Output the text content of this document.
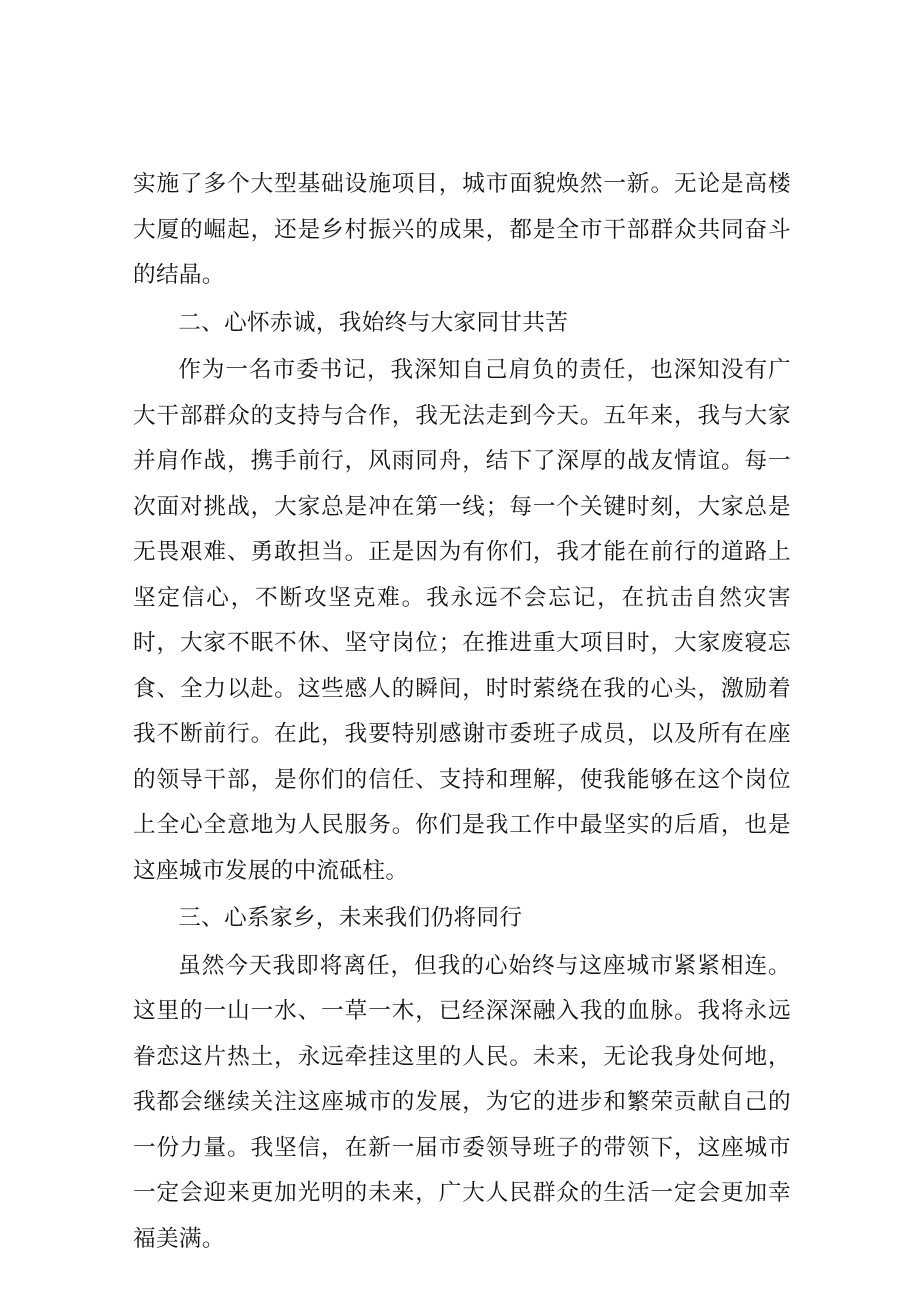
实施了多个大型基础设施项目，城市面貌焕然一新。无论是高楼大厦的崛起，还是乡村振兴的成果，都是全市干部群众共同奋斗的结晶。

二、心怀赤诚，我始终与大家同甘共苦

作为一名市委书记，我深知自己肩负的责任，也深知没有广大干部群众的支持与合作，我无法走到今天。五年来，我与大家并肩作战，携手前行，风雨同舟，结下了深厚的战友情谊。每一次面对挑战，大家总是冲在第一线；每一个关键时刻，大家总是无畏艰难、勇敢担当。正是因为有你们，我才能在前行的道路上坚定信心，不断攻坚克难。我永远不会忘记，在抗击自然灾害时，大家不眠不休、坚守岗位；在推进重大项目时，大家废寝忘食、全力以赴。这些感人的瞬间，时时萦绕在我的心头，激励着我不断前行。在此，我要特别感谢市委班子成员，以及所有在座的领导干部，是你们的信任、支持和理解，使我能够在这个岗位上全心全意地为人民服务。你们是我工作中最坚实的后盾，也是这座城市发展的中流砥柱。

三、心系家乡，未来我们仍将同行

虽然今天我即将离任，但我的心始终与这座城市紧紧相连。这里的一山一水、一草一木，已经深深融入我的血脉。我将永远眷恋这片热土，永远牵挂这里的人民。未来，无论我身处何地，我都会继续关注这座城市的发展，为它的进步和繁荣贡献自己的一份力量。我坚信，在新一届市委领导班子的带领下，这座城市一定会迎来更加光明的未来，广大人民群众的生活一定会更加幸福美满。
